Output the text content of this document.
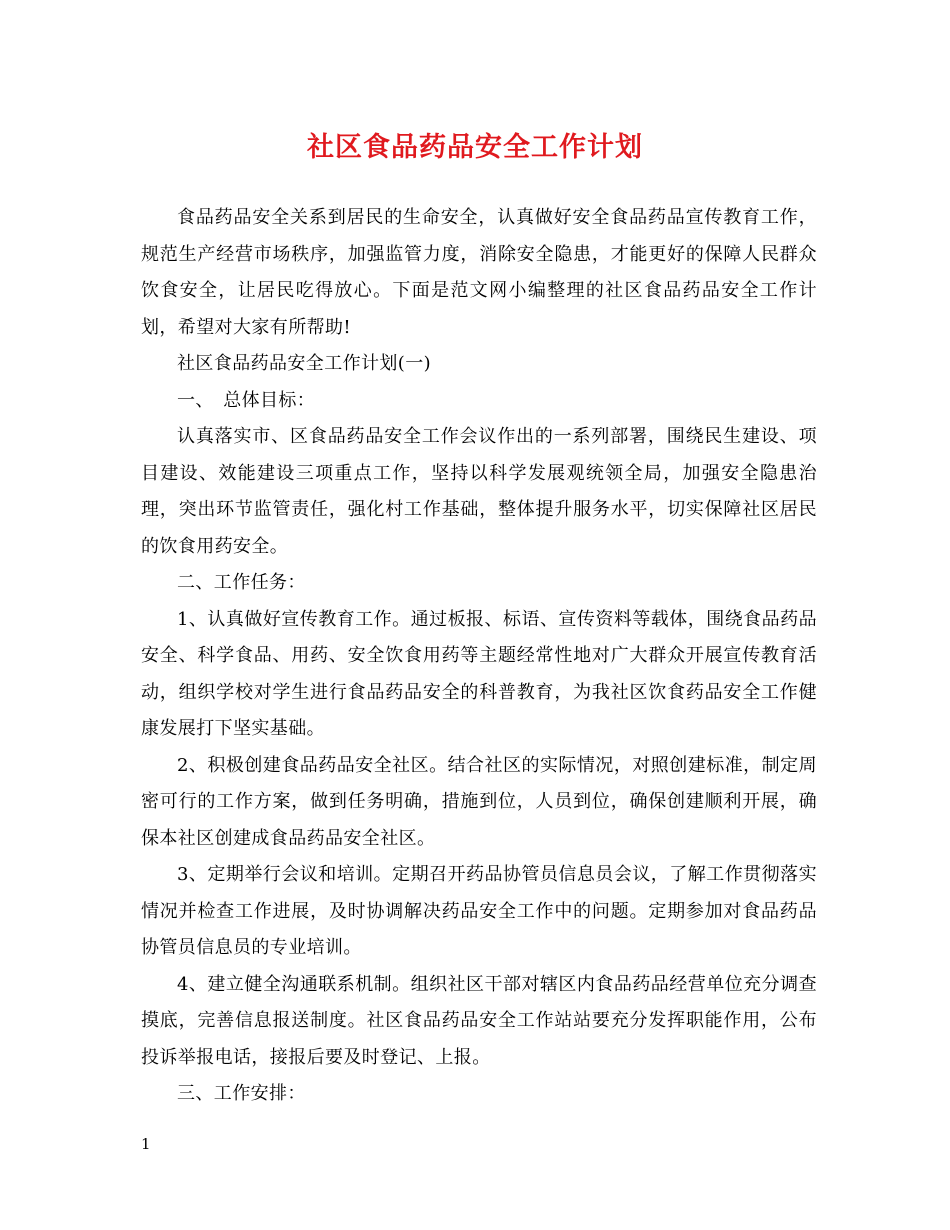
社区食品药品安全工作计划

食品药品安全关系到居民的生命安全，认真做好安全食品药品宣传教育工作，规范生产经营市场秩序，加强监管力度，消除安全隐患，才能更好的保障人民群众饮食安全，让居民吃得放心。下面是范文网小编整理的社区食品药品安全工作计划，希望对大家有所帮助!

社区食品药品安全工作计划(一)

一、　总体目标：

认真落实市、区食品药品安全工作会议作出的一系列部署，围绕民生建设、项目建设、效能建设三项重点工作，坚持以科学发展观统领全局，加强安全隐患治理，突出环节监管责任，强化村工作基础，整体提升服务水平，切实保障社区居民的饮食用药安全。

二、工作任务：

1、认真做好宣传教育工作。通过板报、标语、宣传资料等载体，围绕食品药品安全、科学食品、用药、安全饮食用药等主题经常性地对广大群众开展宣传教育活动，组织学校对学生进行食品药品安全的科普教育，为我社区饮食药品安全工作健康发展打下坚实基础。

2、积极创建食品药品安全社区。结合社区的实际情况，对照创建标准，制定周密可行的工作方案，做到任务明确，措施到位，人员到位，确保创建顺利开展，确保本社区创建成食品药品安全社区。

3、定期举行会议和培训。定期召开药品协管员信息员会议，了解工作贯彻落实情况并检查工作进展，及时协调解决药品安全工作中的问题。定期参加对食品药品协管员信息员的专业培训。

4、建立健全沟通联系机制。组织社区干部对辖区内食品药品经营单位充分调查摸底，完善信息报送制度。社区食品药品安全工作站站要充分发挥职能作用，公布投诉举报电话，接报后要及时登记、上报。

三、工作安排：

1
